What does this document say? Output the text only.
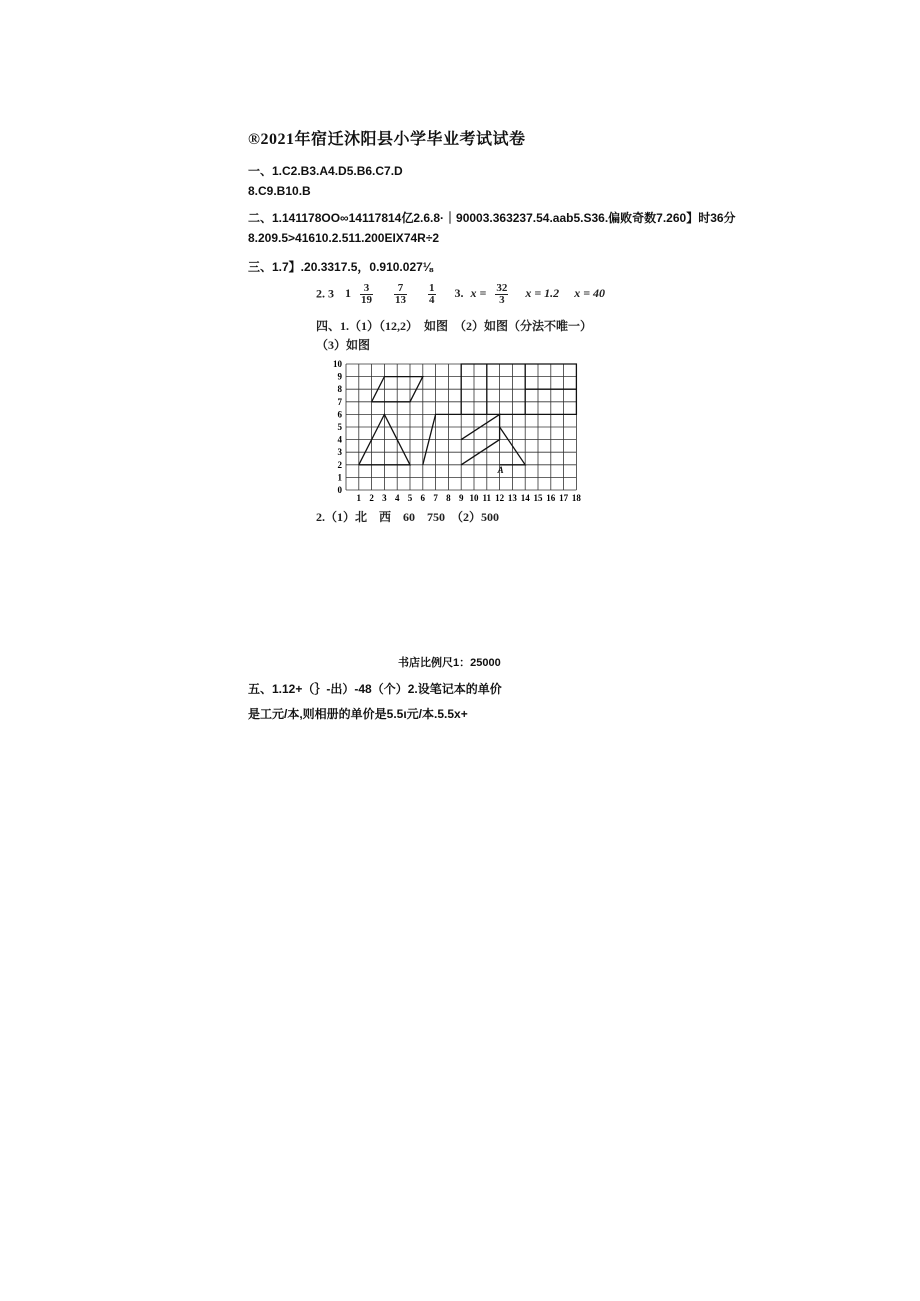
®2021年宿迁沐阳县小学毕业考试试卷
一、1.C2.B3.A4.D5.B6.C7.D
8.C9.B10.B
二、1.141178OO∞14117814亿2.6.8·｜90003.363237.54.aab5.S36.偏败奇数7.260】时36分
8.209.5>41610.2.511.200EIX74R÷2
三、1.7】.20.3317.5，0.910.027⅛
2. 3 $1 \frac{3}{19}$
$\frac{7}{13}$
$\frac{1}{4} 3$. $x = \frac{32}{3}$ x = 1.2 x = 40
四、1.（1）（12,2）　如图　（2）如图（分法不唯一）
（3）如图
0
1
2
3
4
5
6
7
8
9
10
1 2 3 4 5 6 7 8 9 10 11 12 13 14 15 16 17 18
A
2.（1）北　西　60　750　（2）500
书店比例尺1：25000
五、1.12+（｝-出）-48（个）2.设笔记本的单价
是工元/本,则相册的单价是5.5ι元/本.5.5x+
